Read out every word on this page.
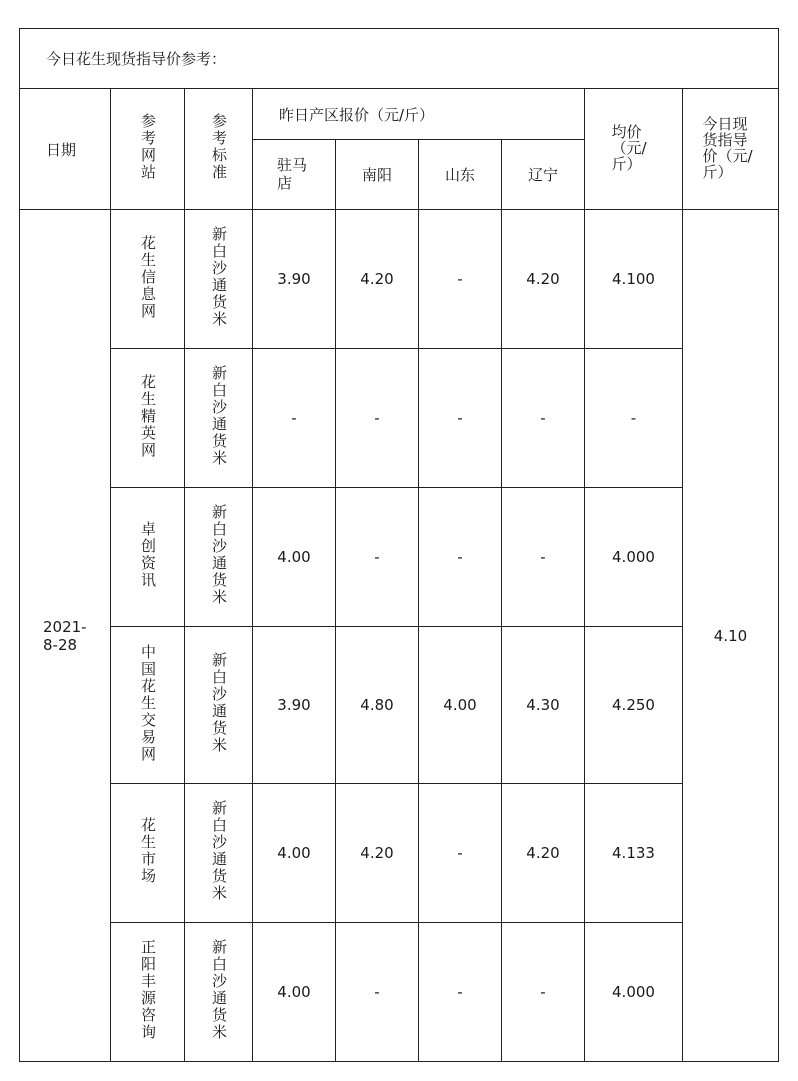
今日花生现货指导价参考：								
日期	参考网站	参考标准	昨日产区报价（元/斤）				均价（元/斤）	今日现货指导价（元/斤）
			驻马店	南阳	山东	辽宁		
2021-8-28	花生信息网	新白沙通货米	3.90	4.20	-	4.20	4.100	4.10
	花生精英网	新白沙通货米	-	-	-	-	-	
	卓创资讯	新白沙通货米	4.00	-	-	-	4.000	
	中国花生交易网	新白沙通货米	3.90	4.80	4.00	4.30	4.250	
	花生市场	新白沙通货米	4.00	4.20	-	4.20	4.133	
	正阳丰源咨询	新白沙通货米	4.00	-	-	-	4.000	
